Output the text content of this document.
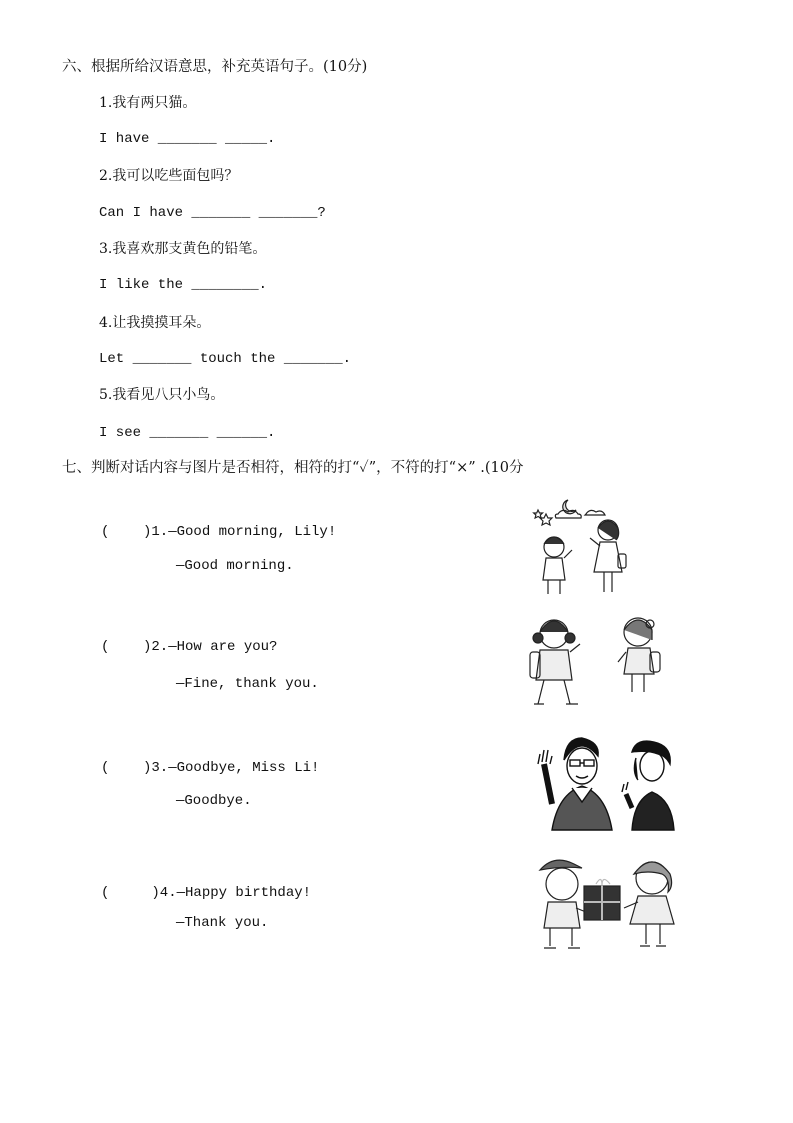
六、根据所给汉语意思，补充英语句子。(10分)
1.我有两只猫。
I have _______ _____.
2.我可以吃些面包吗？
Can I have _______ _______?
3.我喜欢那支黄色的铅笔。
I like the ________.
4.让我摸摸耳朵。
Let _______ touch the _______.
5.我看见八只小鸟。
I see _______ ______.
七、判断对话内容与图片是否相符，相符的打“✓”，不符的打“×” .(10分
(    )1.—Good morning, Lily!
—Good morning.
(    )2.—How are you?
—Fine, thank you.
(    )3.—Goodbye, Miss Li!
—Goodbye.
(     )4.—Happy birthday!
—Thank you.
